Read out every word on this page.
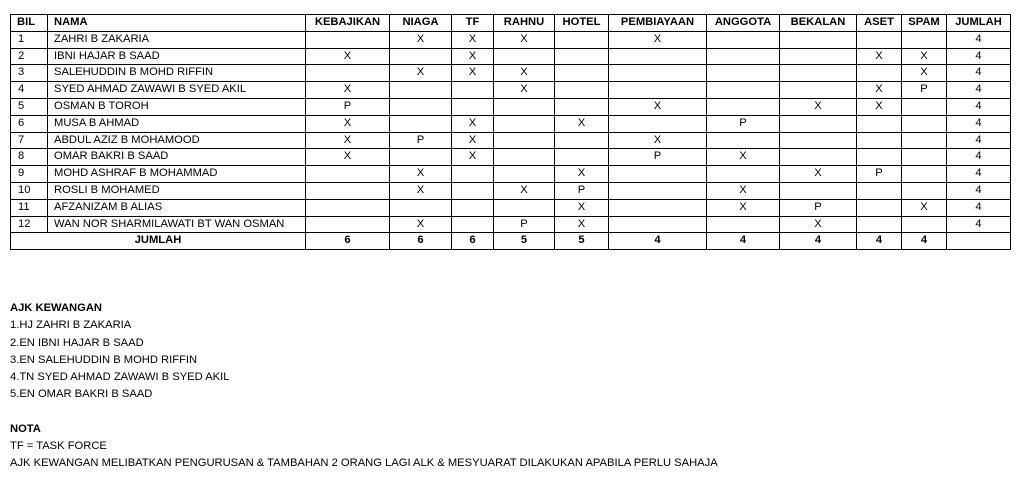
BIL	NAMA	KEBAJIKAN	NIAGA	TF	RAHNU	HOTEL	PEMBIAYAAN	ANGGOTA	BEKALAN	ASET	SPAM	JUMLAH
1	ZAHRI B ZAKARIA		X	X	X		X					4
2	IBNI HAJAR B SAAD	X		X						X	X	4
3	SALEHUDDIN B MOHD RIFFIN		X	X	X						X	4
4	SYED AHMAD ZAWAWI B SYED AKIL	X			X					X	P	4
5	OSMAN B TOROH	P					X		X	X		4
6	MUSA B AHMAD	X		X		X		P				4
7	ABDUL AZIZ B MOHAMOOD	X	P	X			X					4
8	OMAR BAKRI B SAAD	X		X			P	X				4
9	MOHD ASHRAF B MOHAMMAD		X			X			X	P		4
10	ROSLI B MOHAMED		X		X	P		X				4
11	AFZANIZAM B ALIAS					X		X	P		X	4
12	WAN NOR SHARMILAWATI BT WAN OSMAN		X		P	X			X			4
JUMLAH		6	6	6	5	5	4	4	4	4	4	
AJK KEWANGAN
1.HJ ZAHRI B ZAKARIA
2.EN IBNI HAJAR B SAAD
3.EN SALEHUDDIN B MOHD RIFFIN
4.TN SYED AHMAD ZAWAWI B SYED AKIL
5.EN OMAR BAKRI B SAAD
NOTA
TF = TASK FORCE
AJK KEWANGAN MELIBATKAN PENGURUSAN & TAMBAHAN 2 ORANG LAGI ALK & MESYUARAT DILAKUKAN APABILA PERLU SAHAJA
